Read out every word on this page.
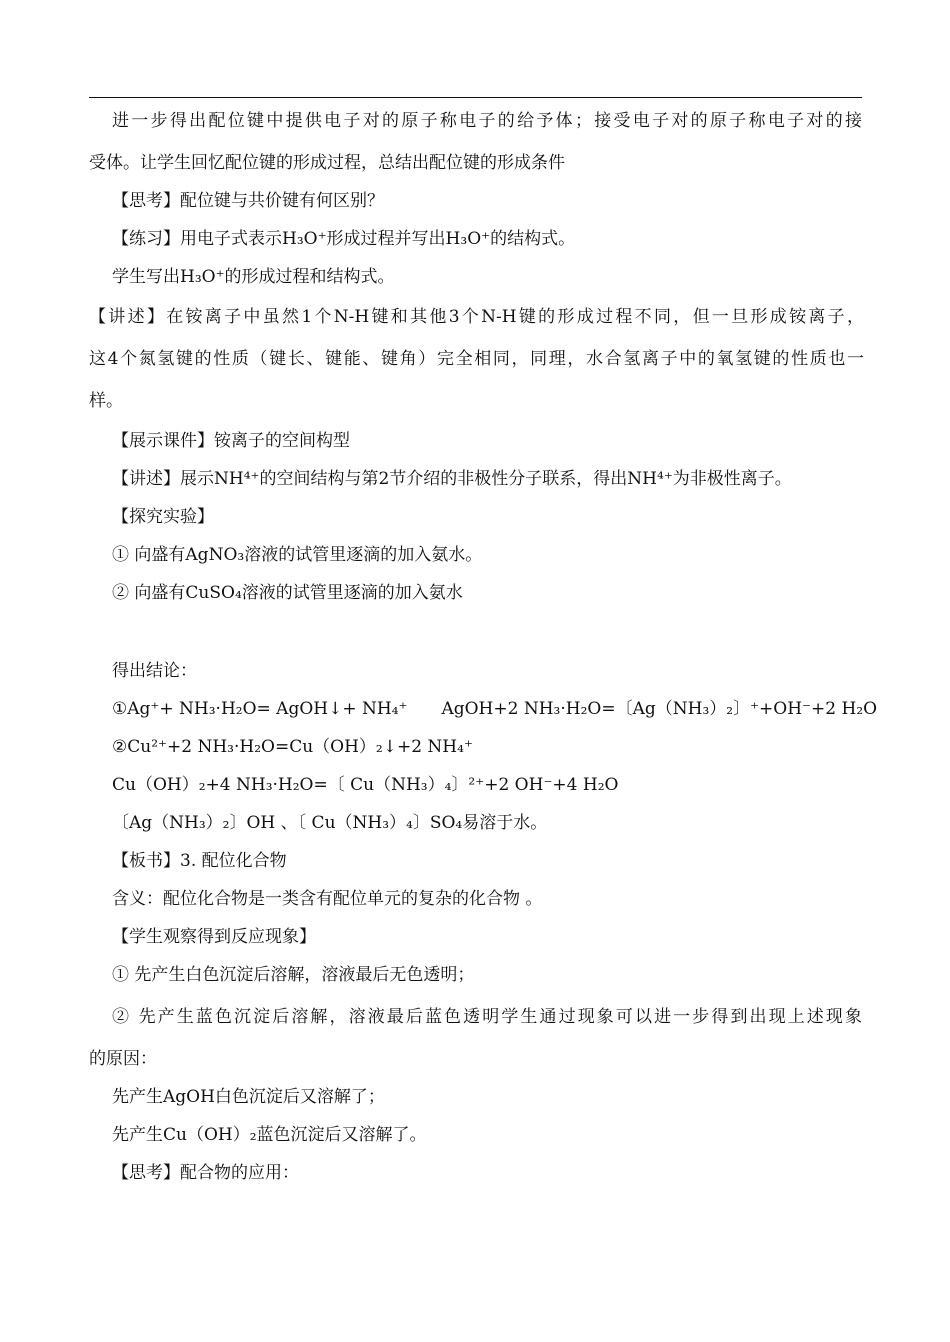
进一步得出配位键中提供电子对的原子称电子的给予体；接受电子对的原子称电子对的接
受体。让学生回忆配位键的形成过程，总结出配位键的形成条件
【思考】配位键与共价键有何区别？
【练习】用电子式表示H₃O⁺形成过程并写出H₃O⁺的结构式。
学生写出H₃O⁺的形成过程和结构式。
【讲述】在铵离子中虽然1个N-H键和其他3个N-H键的形成过程不同，但一旦形成铵离子，
这4个氮氢键的性质（键长、键能、键角）完全相同，同理，水合氢离子中的氧氢键的性质也一
样。
【展示课件】铵离子的空间构型
【讲述】展示NH⁴⁺的空间结构与第2节介绍的非极性分子联系，得出NH⁴⁺为非极性离子。
【探究实验】
① 向盛有AgNO₃溶液的试管里逐滴的加入氨水。
② 向盛有CuSO₄溶液的试管里逐滴的加入氨水
得出结论：
①Ag⁺+ NH₃·H₂O= AgOH↓+ NH₄⁺　　AgOH+2 NH₃·H₂O=〔Ag（NH₃）₂〕⁺+OH⁻+2 H₂O
②Cu²⁺+2 NH₃·H₂O=Cu（OH）₂↓+2 NH₄⁺
Cu（OH）₂+4 NH₃·H₂O=〔 Cu（NH₃）₄〕²⁺+2 OH⁻+4 H₂O
〔Ag（NH₃）₂〕OH 、〔 Cu（NH₃）₄〕SO₄易溶于水。
【板书】3. 配位化合物
含义：配位化合物是一类含有配位单元的复杂的化合物 。
【学生观察得到反应现象】
① 先产生白色沉淀后溶解，溶液最后无色透明；
② 先产生蓝色沉淀后溶解，溶液最后蓝色透明学生通过现象可以进一步得到出现上述现象
的原因：
先产生AgOH白色沉淀后又溶解了；
先产生Cu（OH）₂蓝色沉淀后又溶解了。
【思考】配合物的应用：
